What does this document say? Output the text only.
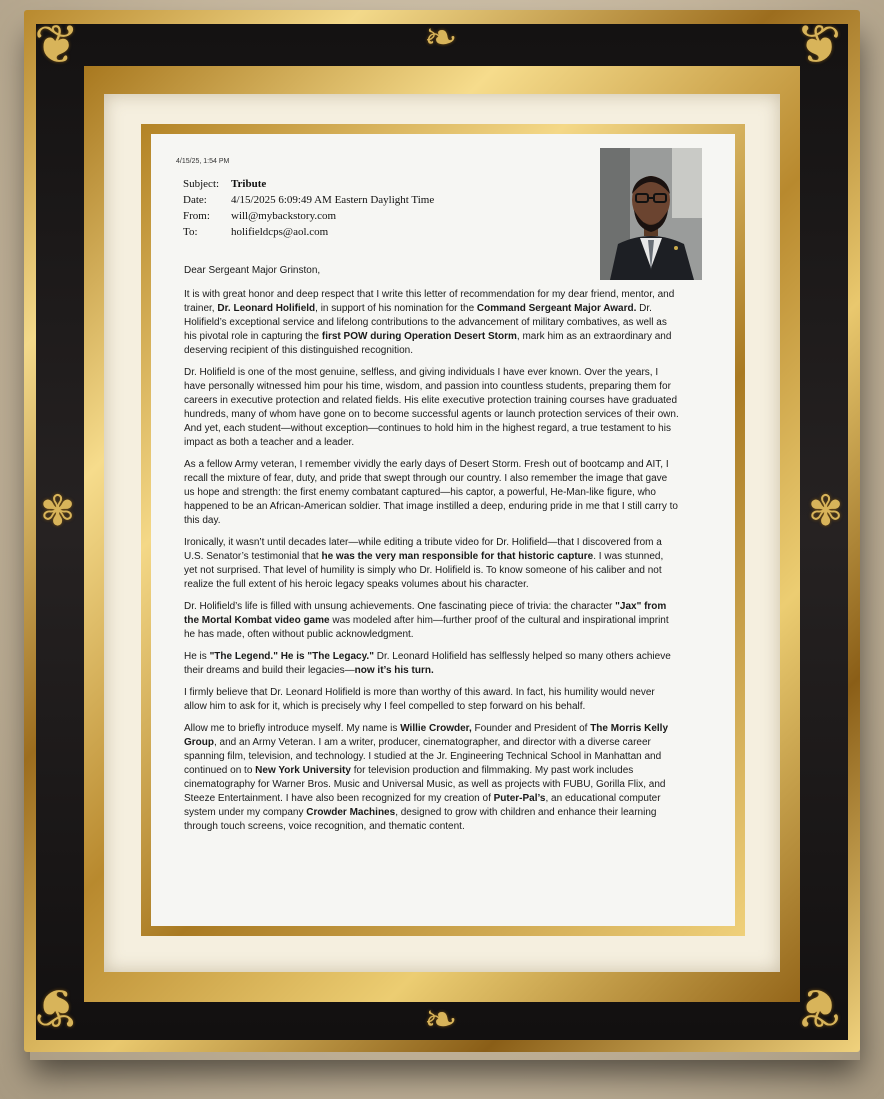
❦	❦
❦	❦
❧
❧
✾	✾
4/15/25, 1:54 PM
Subject:	Tribute
Date:	4/15/2025 6:09:49 AM Eastern Daylight Time
From:	will@mybackstory.com
To:	holifieldcps@aol.com

Dear Sergeant Major Grinston,

It is with great honor and deep respect that I write this letter of recommendation for my dear friend, mentor, and trainer, Dr. Leonard Holifield, in support of his nomination for the Command Sergeant Major Award. Dr. Holifield’s exceptional service and lifelong contributions to the advancement of military combatives, as well as his pivotal role in capturing the first POW during Operation Desert Storm, mark him as an extraordinary and deserving recipient of this distinguished recognition.

Dr. Holifield is one of the most genuine, selfless, and giving individuals I have ever known. Over the years, I have personally witnessed him pour his time, wisdom, and passion into countless students, preparing them for careers in executive protection and related fields. His elite executive protection training courses have graduated hundreds, many of whom have gone on to become successful agents or launch protection services of their own. And yet, each student—without exception—continues to hold him in the highest regard, a true testament to his impact as both a teacher and a leader.

As a fellow Army veteran, I remember vividly the early days of Desert Storm. Fresh out of bootcamp and AIT, I recall the mixture of fear, duty, and pride that swept through our country. I also remember the image that gave us hope and strength: the first enemy combatant captured—his captor, a powerful, He-Man-like figure, who happened to be an African-American soldier. That image instilled a deep, enduring pride in me that I still carry to this day.

Ironically, it wasn’t until decades later—while editing a tribute video for Dr. Holifield—that I discovered from a U.S. Senator’s testimonial that he was the very man responsible for that historic capture. I was stunned, yet not surprised. That level of humility is simply who Dr. Holifield is. To know someone of his caliber and not realize the full extent of his heroic legacy speaks volumes about his character.

Dr. Holifield’s life is filled with unsung achievements. One fascinating piece of trivia: the character "Jax" from the Mortal Kombat video game was modeled after him—further proof of the cultural and inspirational imprint he has made, often without public acknowledgment.

He is "The Legend." He is "The Legacy." Dr. Leonard Holifield has selflessly helped so many others achieve their dreams and build their legacies—now it’s his turn.

I firmly believe that Dr. Leonard Holifield is more than worthy of this award. In fact, his humility would never allow him to ask for it, which is precisely why I feel compelled to step forward on his behalf.

Allow me to briefly introduce myself. My name is Willie Crowder, Founder and President of The Morris Kelly Group, and an Army Veteran. I am a writer, producer, cinematographer, and director with a diverse career spanning film, television, and technology. I studied at the Jr. Engineering Technical School in Manhattan and continued on to New York University for television production and filmmaking. My past work includes cinematography for Warner Bros. Music and Universal Music, as well as projects with FUBU, Gorilla Flix, and Steeze Entertainment. I have also been recognized for my creation of Puter-Pal’s, an educational computer system under my company Crowder Machines, designed to grow with children and enhance their learning through touch screens, voice recognition, and thematic content.
